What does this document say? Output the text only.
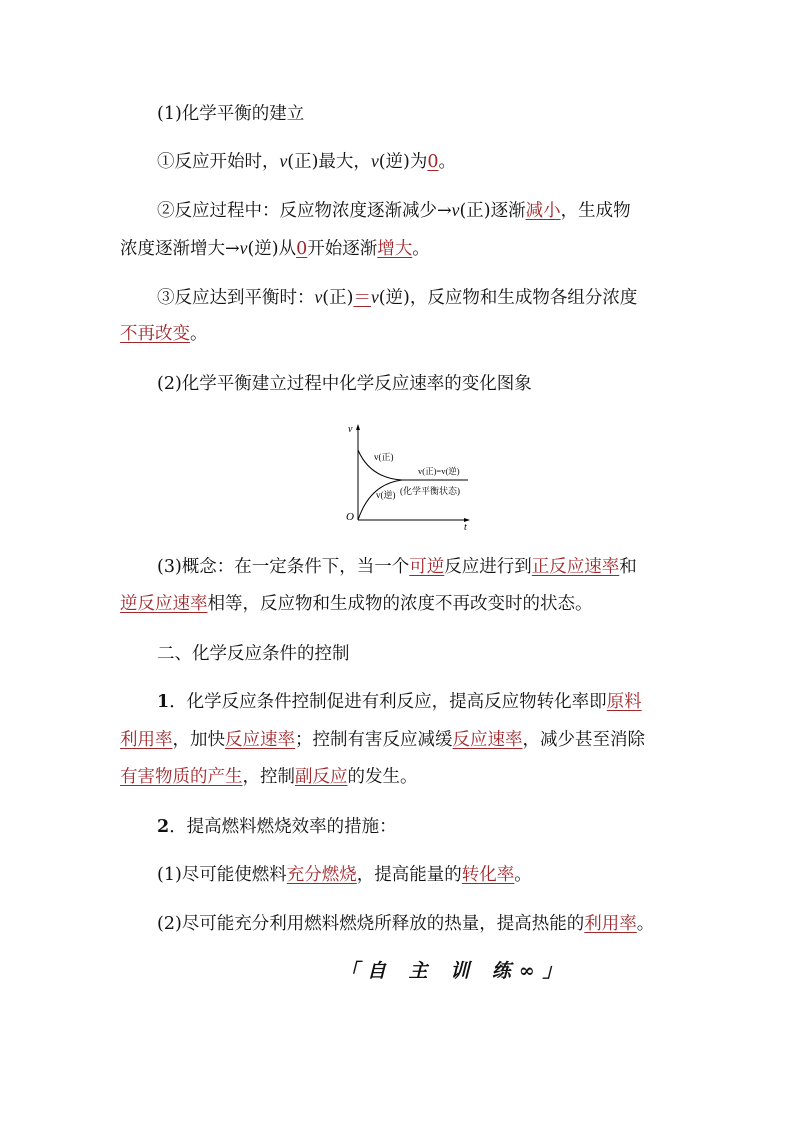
(1)化学平衡的建立
①反应开始时，v(正)最大，v(逆)为0。
②反应过程中：反应物浓度逐渐减少→v(正)逐渐减小，生成物
浓度逐渐增大→v(逆)从0开始逐渐增大。
③反应达到平衡时：v(正)＝v(逆)，反应物和生成物各组分浓度
不再改变。
(2)化学平衡建立过程中化学反应速率的变化图象
(3)概念：在一定条件下，当一个可逆反应进行到正反应速率和
逆反应速率相等，反应物和生成物的浓度不再改变时的状态。
二、化学反应条件的控制
1．化学反应条件控制促进有利反应，提高反应物转化率即原料
利用率，加快反应速率；控制有害反应减缓反应速率，减少甚至消除
有害物质的产生，控制副反应的发生。
2．提高燃料燃烧效率的措施：
(1)尽可能使燃料充分燃烧，提高能量的转化率。
(2)尽可能充分利用燃料燃烧所释放的热量，提高热能的利用率。
v
t
O
v(正)
v(逆)
v(正)=v(逆)
(化学平衡状态)
「自 主 训 练∞」
